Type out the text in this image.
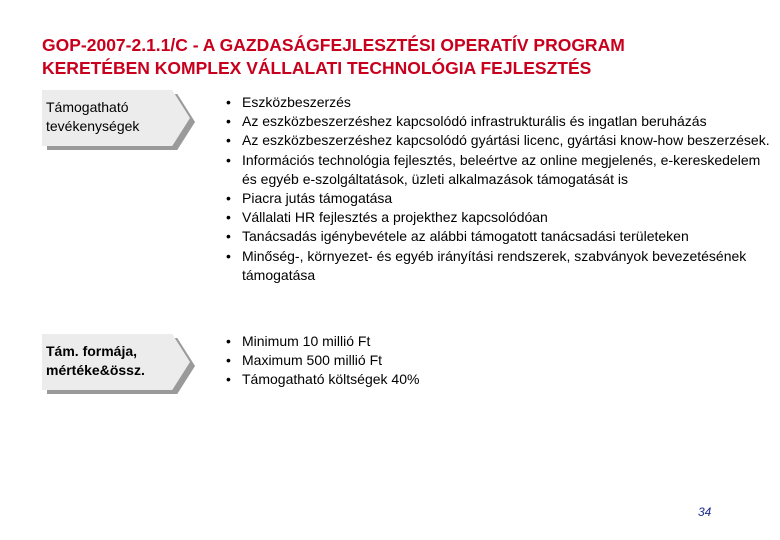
GOP-2007-2.1.1/C - A GAZDASÁGFEJLESZTÉSI OPERATÍV PROGRAM
KERETÉBEN KOMPLEX VÁLLALATI TECHNOLÓGIA FEJLESZTÉS
Támogatható
tevékenységek
• Eszközbeszerzés
• Az eszközbeszerzéshez kapcsolódó infrastrukturális és ingatlan beruházás
• Az eszközbeszerzéshez kapcsolódó gyártási licenc, gyártási know-how beszerzések.
• Információs technológia fejlesztés, beleértve az online megjelenés, e-kereskedelem és egyéb e-szolgáltatások, üzleti alkalmazások támogatását is
• Piacra jutás támogatása
• Vállalati HR fejlesztés a projekthez kapcsolódóan
• Tanácsadás igénybevétele az alábbi támogatott tanácsadási területeken
• Minőség-, környezet- és egyéb irányítási rendszerek, szabványok bevezetésének támogatása
Tám. formája,
mértéke&össz.
• Minimum 10 millió Ft
• Maximum 500 millió Ft
• Támogatható költségek 40%
34
